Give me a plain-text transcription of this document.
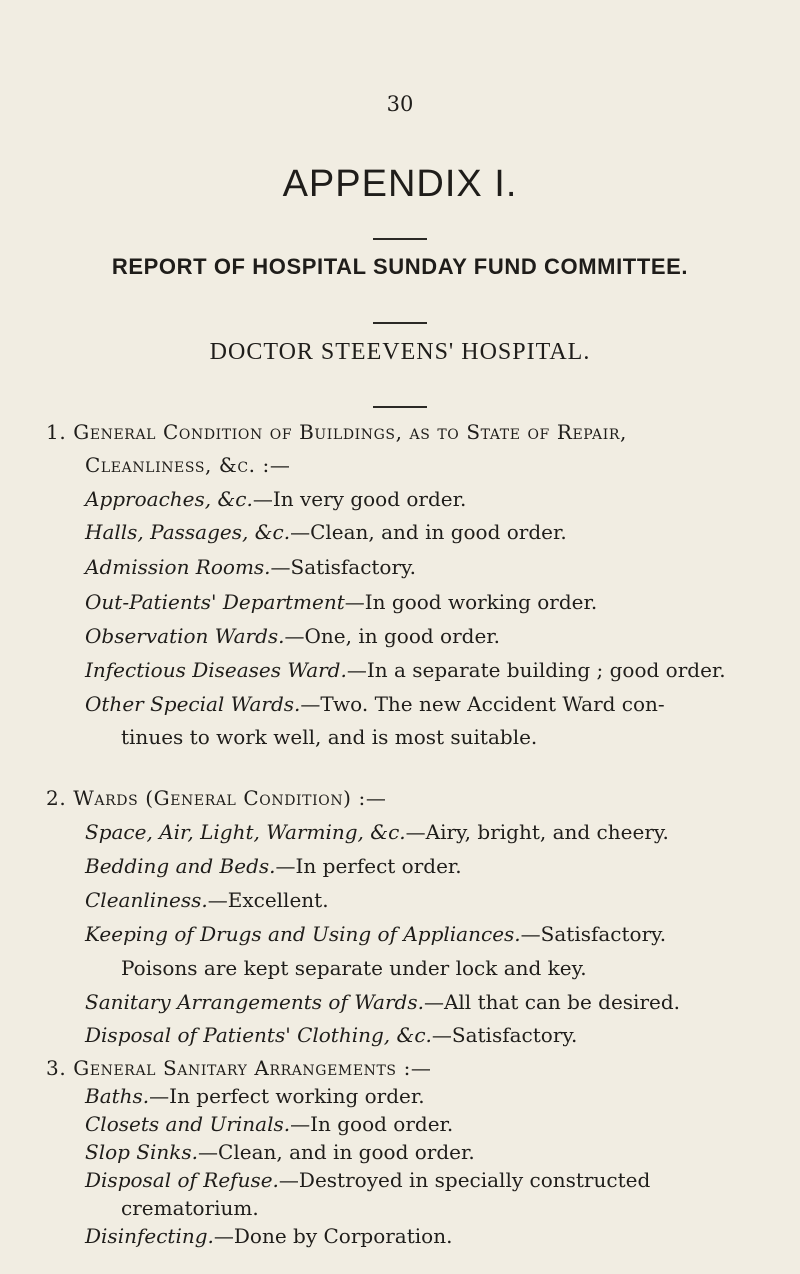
30
APPENDIX I.
REPORT OF HOSPITAL SUNDAY FUND COMMITTEE.
DOCTOR STEEVENS' HOSPITAL.
1. General Condition of Buildings, as to State of Repair,
Cleanliness, &c. :—
Approaches, &c.—In very good order.
Halls, Passages, &c.—Clean, and in good order.
Admission Rooms.—Satisfactory.
Out-Patients' Department—In good working order.
Observation Wards.—One, in good order.
Infectious Diseases Ward.—In a separate building ; good order.
Other Special Wards.—Two. The new Accident Ward con-
tinues to work well, and is most suitable.
2. Wards (General Condition) :—
Space, Air, Light, Warming, &c.—Airy, bright, and cheery.
Bedding and Beds.—In perfect order.
Cleanliness.—Excellent.
Keeping of Drugs and Using of Appliances.—Satisfactory.
Poisons are kept separate under lock and key.
Sanitary Arrangements of Wards.—All that can be desired.
Disposal of Patients' Clothing, &c.—Satisfactory.
3. General Sanitary Arrangements :—
Baths.—In perfect working order.
Closets and Urinals.—In good order.
Slop Sinks.—Clean, and in good order.
Disposal of Refuse.—Destroyed in specially constructed
crematorium.
Disinfecting.—Done by Corporation.
